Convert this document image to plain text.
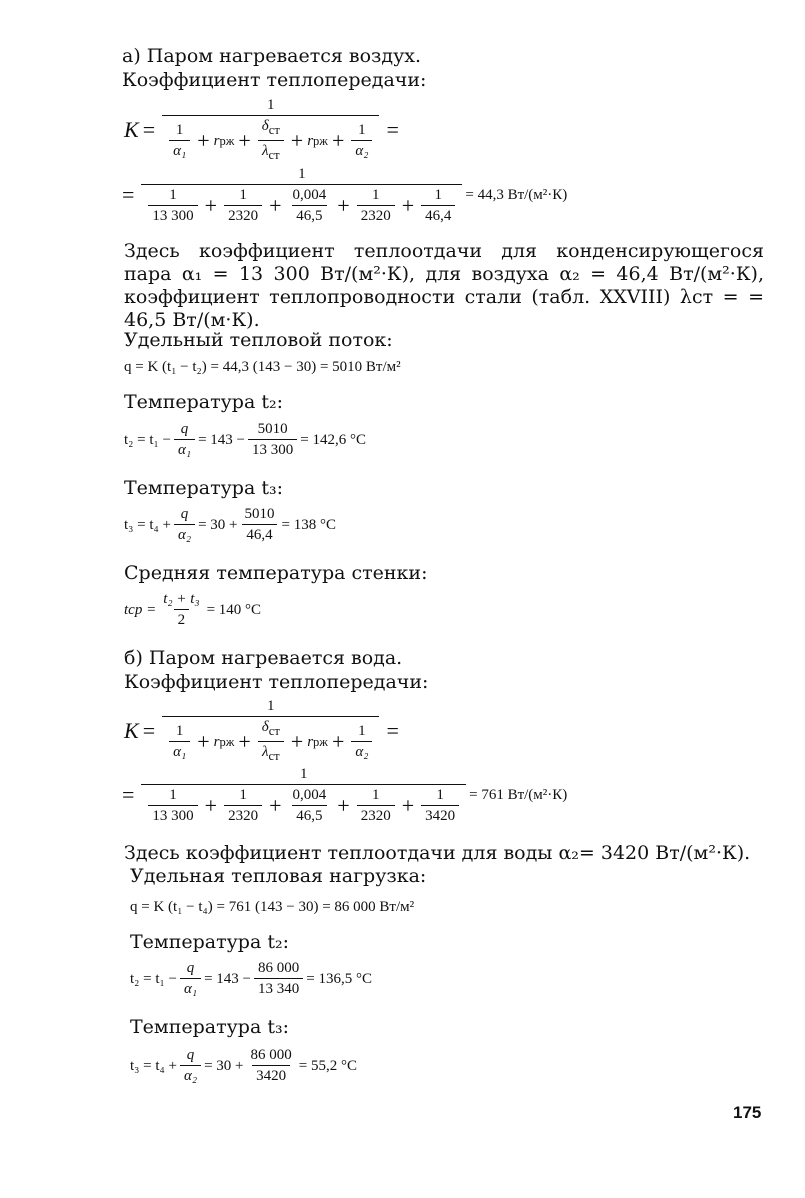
а) Паром нагревается воздух.
Коэффициент теплопередачи:
K =
1
$\frac{1}{\text{α₁}} + r$ рж + $\frac{\delta_{ст}}{\lambda_{ст}} + r$ рж + $\frac{1}{\text{α₂}}$ =
=
1
$\frac{1}{13 300} + \frac{1}{2320} + \frac{0,004}{46,5} + \frac{1}{2320} + \frac{1}{46,4} = 44,3$ Вт/(м²·К)
Здесь коэффициент теплоотдачи для конденсирующегося пара α₁ = 13 300 Вт/(м²·К), для воздуха α₂ = 46,4 Вт/(м²·К), коэффициент теплопроводности стали (табл. XXVIII) λст = = 46,5 Вт/(м·К).
Удельный тепловой поток:
q = K (t₁ − t₂) = 44,3 (143 − 30) = 5010 Вт/м²
Температура t₂:
$t_2 = t_1 - \frac{q}{\text{α₁}} = 143 - \frac{5010}{13 300} = 142,6$ °С
Температура t₃:
$t_3 = t_4 + \frac{q}{\text{α₂}} = 30 + \frac{5010}{46,4} = 138$ °С
Средняя температура стенки:
tср = $\frac{\text{t₂ + t₃}}{2} = 140$ °С
б) Паром нагревается вода.
Коэффициент теплопередачи:
K =
1
$\frac{1}{\text{α₁}} + r$ рж + $\frac{\delta_{ст}}{\lambda_{ст}} + r$ рж + $\frac{1}{\text{α₂}}$ =
=
1
$\frac{1}{13 300} + \frac{1}{2320} + \frac{0,004}{46,5} + \frac{1}{2320} + \frac{1}{3420} = 761$ Вт/(м²·К)
Здесь коэффициент теплоотдачи для воды α₂= 3420 Вт/(м²·К).
Удельная тепловая нагрузка:
q = K (t₁ − t₄) = 761 (143 − 30) = 86 000 Вт/м²
Температура t₂:
$t_2 = t_1 - \frac{q}{\text{α₁}} = 143 - \frac{86 000}{13 340} = 136,5$ °С
Температура t₃:
$t_3 = t_4 + \frac{q}{\text{α₂}} = 30 + \frac{86 000}{3420} = 55,2$ °С
175
